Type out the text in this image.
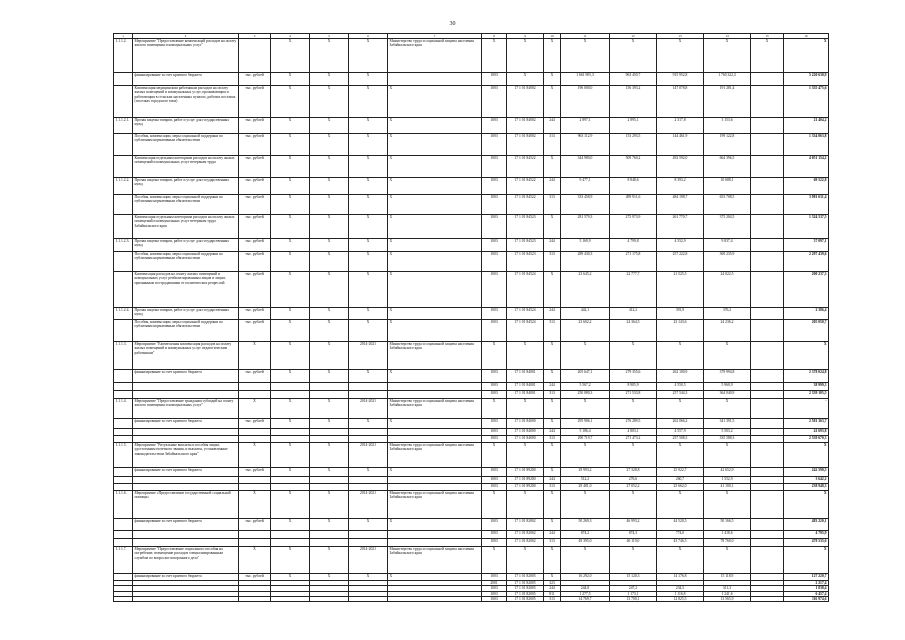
30
1	2	3	4	5	6	7	8	9	10	11	12	13	14	15	16
1.1.1.2.	Мероприятие "Предоставление компенсаций расходов на оплату жилого помещения и коммунальных услуг"		X	X	X	Министерство труда и социальной защиты населения Забайкальского края	X	X	X	X	X	X	X	X	X
	финансирование за счет краевого бюджета	тыс. рублей	X	X	X		1003	X	X	1 661 905,3	963 450,7	915 952,8	1 760 322,3		5 220 630,9
	Компенсация медицинским работникам расходов на оплату жилых помещений и коммунальных услуг, проживающим и работающим в сельских населенных пунктах, рабочих поселках (поселках городского типа)	тыс. рублей	X	X	X	X	1003	17 1 01 84002	X	196 000,0	156 393,2	147 078,8	191 281,4		1 355 475,6
1.1.1.2.1.	Прочая закупка товаров, работ и услуг для государственных нужд	тыс. рублей	X	X	X	X	1003	17 1 01 84002	244	2 897,1	2 895,1	2 317,8	3 153,6		21 404,2
	Пособия, компенсации, меры социальной поддержки по публичным нормативным обязательствам	тыс. рублей	X	X	X	X	1003	17 1 01 84002	313	963 112,9	153 293,5	144 461,9	199 122,8		1 334 063,8
	Компенсация отдельным категориям расходов на оплату жилых помещений и коммунальных услуг ветеранам труда	тыс. рублей	X	X	X	X	1003	17 1 01 84522	X	344 980,0	509 760,2	492 592,0	664 396,5		4 051 154,2
1.1.1.2.2.	Прочая закупка товаров, работ и услуг для государственных нужд	тыс. рублей	X	X	X	X	1003	17 1 01 84522	244	9 477,1	8 848,6	8 393,2	10 688,1		69 522,8
	Пособия, компенсации, меры социальной поддержки по публичным нормативным обязательствам	тыс. рублей	X	X	X	X	1003	17 1 01 84522	313	333 458,9	499 911,6	484 198,7	653 708,5		3 981 631,4
	Компенсация отдельным категориям расходов на оплату жилых помещений и коммунальных услуг ветеранам труда Забайкальского края	тыс. рублей	X	X	X	X	1003	17 1 01 84523	X	281 579,3	275 973,9	261 770,7	375 204,5		1 324 537,5
1.1.1.2.3.	Прочая закупка товаров, работ и услуг для государственных нужд	тыс. рублей	X	X	X	X	1003	17 1 01 84523	244	5 169,9	4 799,8	4 552,9	9 837,4		37 097,1
	Пособия, компенсации, меры социальной поддержки по публичным нормативным обязательствам	тыс. рублей	X	X	X	X	1003	17 1 01 84523	313	289 430,3	271 175,8	257 222,8	369 235,9		2 297 439,6
	Компенсация расходов на оплату жилых помещений и коммунальных услуг реабилитированным лицам и лицам, признанным пострадавшими от политических репрессий	тыс. рублей	X	X	X	X	1003	17 1 01 84524	X	23 645,2	22 777,7	21 525,5	24 022,5		200 237,3
1.1.1.2.4.	Прочая закупка товаров, работ и услуг для государственных нужд	тыс. рублей	X	X	X	X	1003	17 1 01 84524	244	442,1	412,2	391,9	376,2		2 386,4
	Пособия, компенсации, меры социальной поддержки по публичным нормативным обязательствам	тыс. рублей	X	X	X	X	1003	17 1 01 84524	313	23 602,2	24 364,5	23 143,6	24 236,2		205 050,7
1.1.1.3.	Мероприятие "Ежемесячная компенсация расходов на оплату жилых помещений и коммунальных услуг педагогическим работникам"	X	X	X	2014-2021	Министерство труда и социальной защиты населения Забайкальского края	X	X	X	X	X	X	X		X
	финансирование за счет краевого бюджета	тыс. рублей	X	X	X	X	1003	17 1 01 84001	X	205 647,1	279 355,6	262 100,9	379 994,8		2 378 024,8
							1003	17 1 01 84001	244	5 567,2	8 905,9	4 550,5	5 960,9		38 999,3
							1003	17 1 01 84001	313	250 080,3	271 533,8	257 544,3	364 040,9		2 339 105,5
1.1.1.4.	Мероприятие "Предоставление гражданам субсидий на оплату жилого помещения и коммунальных услуг"	X	X	X	2014-2021	Министерство труда и социальной защиты населения Забайкальского края	X	X	X	X	X	X	X		-
	финансирование за счет краевого бюджета	тыс. рублей	X	X	X	X	1003	17 1 01 84000	X	295 906,1	276 289,5	262 066,2	341 391,5		2 581 363,7
							1003	17 1 01 84000	244	5 186,4	4 803,1	4 557,9	5 503,2		41 693,8
							1003	17 1 01 84000	313	290 719,7	271 473,2	257 508,3	335 588,3		2 539 670,3
1.1.1.5.	Мероприятие "Ритуальные выплаты и пособия лицам, удостоенным почетного звания, и выплаты, установленные законодательством Забайкальского края"	X	X	X	2014-2021	Министерство труда и социальной защиты населения Забайкальского края	X	X	X	X	X	X	X		X
	финансирование за счет краевого бюджета	тыс. рублей	X	X	X	X	1003	17 1 01 89200	X	29 993,2	27 328,8	25 922,7	42 652,9		242 590,5
							1003	17 1 01 89200	244	512,2	276,6	260,7	1 552,9		3 642,2
							1003	17 1 01 89200	313	29 481,0	27 052,2	25 662,0	41 100,1		238 948,3
1.1.1.6.	Мероприятие «Предоставление государственной социальной помощи»	X	X	X	2014-2021	Министерство труда и социальной защиты населения Забайкальского края	X	X	X	X	X	X	X		X
	финансирование за счет краевого бюджета	тыс. рублей	X	X	X	X	1003	17 1 01 82002	X	50 269,3	46 993,2	44 520,5	50 166,5		483 220,1
							1003	17 1 01 82002	244	874,2	874,3	774,0	1 418,6		4 795,9
							1003	17 1 01 82002	313	49 395,0	46 119,0	43 746,5	78 760,0		478 535,6
1.1.1.7.	Мероприятие "Предоставление социального пособия на погребение, возмещение расходов специализированным службам по вопросам похоронного дела"	X	X	X	2014-2021	Министерство труда и социальной защиты населения Забайкальского края	X	X	X	X	X	X	X		X
	финансирование за счет краевого бюджета	тыс. рублей	X	X	X	X	1003	17 1 01 82005	X	16 292,0	15 120,3	14 176,8	15 118,9		127 220,7
							2001	17 1 01 82005	323						2 217,4
							1003	17 1 01 82005	244	244,8	247,2	234,5	311,3		1 838,4
							1003	17 1 01 82005	811	1 277,5	1 173,1	1 116,8	1 241,6		6 457,4
							1003	17 1 01 82005	313	14 769,7	13 700,1	12 825,5	13 565,9		116 974,6
